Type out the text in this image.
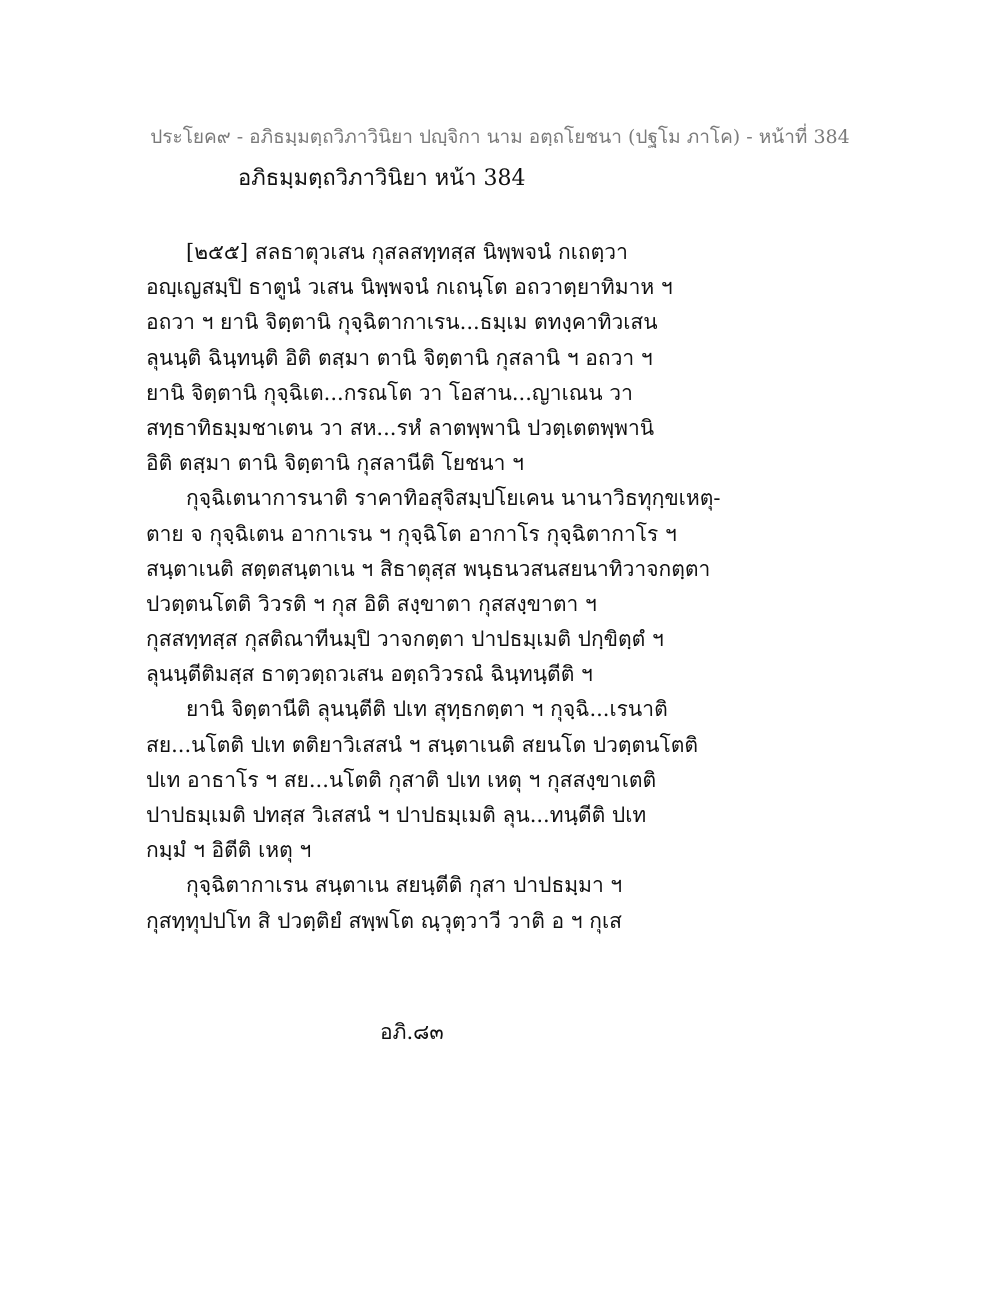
ประโยค๙ - อภิธมฺมตฺถวิภาวินิยา ปญฺจิกา นาม อตฺถโยชนา (ปฐโม ภาโค) - หน้าที่ 384
อภิธมฺมตฺถวิภาวินิยา หน้า 384
[๒๕๕] สลธาตุวเสน กุสลสทฺทสฺส นิพฺพจนํ กเถตฺวา
อญฺเญสมฺปิ ธาตูนํ วเสน นิพฺพจนํ กเถนฺโต อถวาตฺยาทิมาห ฯ
อถวา ฯ ยานิ จิตฺตานิ กุจฺฉิตากาเรน...ธมฺเม ตทงฺคาทิวเสน
ลุนนฺติ ฉินฺทนฺติ อิติ ตสฺมา ตานิ จิตฺตานิ กุสลานิ ฯ อถวา ฯ
ยานิ จิตฺตานิ กุจฺฉิเต...กรณโต วา โอสาน...ญาเณน วา
สทฺธาทิธมฺมชาเตน วา สห...รหํ ลาตพฺพานิ ปวตฺเตตพฺพานิ
อิติ ตสฺมา ตานิ จิตฺตานิ กุสลานีติ โยชนา ฯ
กุจฺฉิเตนาการนาติ ราคาทิอสุจิสมฺปโยเคน นานาวิธทุกฺขเหตุ-
ตาย จ กุจฺฉิเตน อากาเรน ฯ กุจฺฉิโต อากาโร กุจฺฉิตากาโร ฯ
สนฺตาเนติ สตฺตสนฺตาเน ฯ สิธาตุสฺส พนฺธนวสนสยนาทิวาจกตฺตา
ปวตฺตนโตติ วิวรติ ฯ กุส อิติ สงฺขาตา กุสสงฺขาตา ฯ
กุสสทฺทสฺส กุสติณาทีนมฺปิ วาจกตฺตา ปาปธมฺเมติ ปกฺขิตฺตํ ฯ
ลุนนฺตีติมสฺส ธาตฺวตฺถวเสน อตฺถวิวรณํ ฉินฺทนฺตีติ ฯ
ยานิ จิตฺตานีติ ลุนนฺตีติ ปเท สุทฺธกตฺตา ฯ กุจฺฉิ...เรนาติ
สย...นโตติ ปเท ตติยาวิเสสนํ ฯ สนฺตาเนติ สยนโต ปวตฺตนโตติ
ปเท อาธาโร ฯ สย...นโตติ กุสาติ ปเท เหตุ ฯ กุสสงฺขาเตติ
ปาปธมฺเมติ ปทสฺส วิเสสนํ ฯ ปาปธมฺเมติ ลุน...ทนฺตีติ ปเท
กมฺมํ ฯ อิตีติ เหตุ ฯ
กุจฺฉิตากาเรน สนฺตาเน สยนฺตีติ กุสา ปาปธมฺมา ฯ
กุสทฺทุปปโท สิ ปวตฺติยํ สพฺพโต ณฺวุตฺวาวี วาติ อ ฯ กุเส
อภิ.๘๓
